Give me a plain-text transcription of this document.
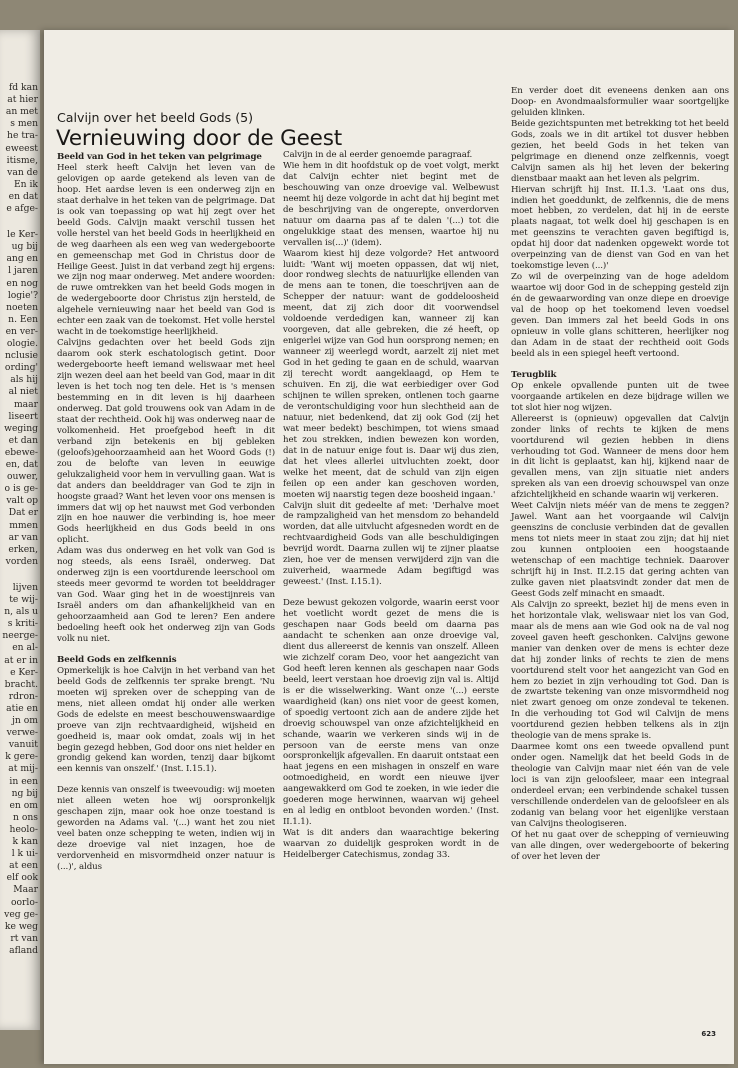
fd kan
at hier
an met
s men
he tra-
eweest
itisme,
van de
En ik
en dat
e afge-
le Ker-
ug bij
ang en
l jaren
en nog
logie'?
noeten
n. Een
en ver-
ologie.
nclusie
ording'
als hij
al niet
maar
liseert
weging
et dan
ebewe-
en, dat
ouwer,
o is ge-
valt op
Dat er
mmen
ar van
erken,
vorden
lijven
te wij-
n, als u
s kriti-
neerge-
en al-
at er in
e Ker-
bracht.
rdron-
atie en
jn om
verwe-
vanuit
k gere-
at mij-
in een
ng bij
en om
n ons
heolo-
k kan
l k ui-
at een
elf ook
Maar
oorlo-
veg ge-
ke weg
rt van
afland
Calvijn over het beeld Gods (5)
Vernieuwing door de Geest

Beeld van God in het teken van pelgrimage

Heel sterk heeft Calvijn het leven van de gelovigen op aarde getekend als leven van de hoop. Het aardse leven is een onderweg zijn en staat derhalve in het teken van de pelgrimage. Dat is ook van toepassing op wat hij zegt over het beeld Gods. Calvijn maakt verschil tussen het volle herstel van het beeld Gods in heerlijkheid en de weg daarheen als een weg van wedergeboorte en gemeenschap met God in Christus door de Heilige Geest. Juist in dat verband zegt hij ergens: we zijn nog maar onderweg. Met andere woorden: de ruwe omtrekken van het beeld Gods mogen in de wedergeboorte door Christus zijn hersteld, de algehele vernieuwing naar het beeld van God is echter een zaak van de toekomst. Het volle herstel wacht in de toekomstige heerlijkheid.

Calvijns gedachten over het beeld Gods zijn daarom ook sterk eschatologisch getint. Door wedergeboorte heeft iemand weliswaar met heel zijn wezen deel aan het beeld van God, maar in dit leven is het toch nog ten dele. Het is 's mensen bestemming en in dit leven is hij daarheen onderweg. Dat gold trouwens ook van Adam in de staat der rechtheid. Ook hij was onderweg naar de volkomenheid. Het proefgebod heeft in dit verband zijn betekenis en bij gebleken (geloofs)gehoorzaamheid aan het Woord Gods (!) zou de belofte van leven in eeuwige gelukzaligheid voor hem in vervulling gaan. Wat is dat anders dan beelddrager van God te zijn in hoogste graad? Want het leven voor ons mensen is immers dat wij op het nauwst met God verbonden zijn en hoe nauwer die verbinding is, hoe meer Gods heerlijkheid en dus Gods beeld in ons oplicht.

Adam was dus onderweg en het volk van God is nog steeds, als eens Israël, onderweg. Dat onderweg zijn is een voortdurende leerschool om steeds meer gevormd te worden tot beelddrager van God. Waar ging het in de woestijnreis van Israël anders om dan afhankelijkheid van en gehoorzaamheid aan God te leren? Een andere bedoeling heeft ook het onderweg zijn van Gods volk nu niet.

Beeld Gods en zelfkennis

Opmerkelijk is hoe Calvijn in het verband van het beeld Gods de zelfkennis ter sprake brengt. 'Nu moeten wij spreken over de schepping van de mens, niet alleen omdat hij onder alle werken Gods de edelste en meest beschouwenswaardige proeve van zijn rechtvaardigheid, wijsheid en goedheid is, maar ook omdat, zoals wij in het begin gezegd hebben, God door ons niet helder en grondig gekend kan worden, tenzij daar bijkomt een kennis van onszelf.' (Inst. I.15.1).

Deze kennis van onszelf is tweevoudig: wij moeten niet alleen weten hoe wij oorspronkelijk geschapen zijn, maar ook hoe onze toestand is geworden na Adams val. '(...) want het zou niet veel baten onze schepping te weten, indien wij in deze droevige val niet inzagen, hoe de verdorvenheid en misvormdheid onzer natuur is (...)', aldus

Calvijn in de al eerder genoemde paragraaf.

Wie hem in dit hoofdstuk op de voet volgt, merkt dat Calvijn echter niet begint met de beschouwing van onze droevige val. Welbewust neemt hij deze volgorde in acht dat hij begint met de beschrijving van de ongerepte, onverdorven natuur om daarna pas af te dalen '(...) tot die ongelukkige staat des mensen, waartoe hij nu vervallen is(...)' (idem).

Waarom kiest hij deze volgorde? Het antwoord luidt: 'Want wij moeten oppassen, dat wij niet, door rondweg slechts de natuurlijke ellenden van de mens aan te tonen, die toeschrijven aan de Schepper der natuur: want de goddeloosheid meent, dat zij zich door dit voorwendsel voldoende verdedigen kan, wanneer zij kan voorgeven, dat alle gebreken, die zé heeft, op enigerlei wijze van God hun oorsprong nemen; en wanneer zij weerlegd wordt, aarzelt zij niet met God in het geding te gaan en de schuld, waarvan zij terecht wordt aangeklaagd, op Hem te schuiven. En zij, die wat eerbiediger over God schijnen te willen spreken, ontlenen toch gaarne de verontschuldiging voor hun slechtheid aan de natuur, niet bedenkend, dat zij ook God (zij het wat meer bedekt) beschimpen, tot wiens smaad het zou strekken, indien bewezen kon worden, dat in de natuur enige fout is. Daar wij dus zien, dat het vlees allerlei uitvluchten zoekt, door welke het meent, dat de schuld van zijn eigen feilen op een ander kan geschoven worden, moeten wij naarstig tegen deze boosheid ingaan.'

Calvijn sluit dit gedeelte af met: 'Derhalve moet de rampzaligheid van het mensdom zo behandeld worden, dat alle uitvlucht afgesneden wordt en de rechtvaardigheid Gods van alle beschuldigingen bevrijd wordt. Daarna zullen wij te zijner plaatse zien, hoe ver de mensen verwijderd zijn van die zuiverheid, waarmede Adam begiftigd was geweest.' (Inst. I.15.1).

Deze bewust gekozen volgorde, waarin eerst voor het voetlicht wordt gezet de mens die is geschapen naar Gods beeld om daarna pas aandacht te schenken aan onze droevige val, dient dus allereerst de kennis van onszelf. Alleen wie zichzelf coram Deo, voor het aangezicht van God heeft leren kennen als geschapen naar Gods beeld, leert verstaan hoe droevig zijn val is. Altijd is er die wisselwerking. Want onze '(...) eerste waardigheid (kan) ons niet voor de geest komen, of spoedig vertoont zich aan de andere zijde het droevig schouwspel van onze afzichtelijkheid en schande, waarin we verkeren sinds wij in de persoon van de eerste mens van onze oorspronkelijk afgevallen. En daaruit ontstaat een haat jegens en een mishagen in onszelf en ware ootmoedigheid, en wordt een nieuwe ijver aangewakkerd om God te zoeken, in wie ieder die goederen moge herwinnen, waarvan wij geheel en al ledig en ontbloot bevonden worden.' (Inst. II.1.1).

Wat is dit anders dan waarachtige bekering waarvan zo duidelijk gesproken wordt in de Heidelberger Catechismus, zondag 33.

En verder doet dit eveneens denken aan ons Doop- en Avondmaalsformulier waar soortgelijke geluiden klinken.

Beide gezichtspunten met betrekking tot het beeld Gods, zoals we in dit artikel tot dusver hebben gezien, het beeld Gods in het teken van pelgrimage en dienend onze zelfkennis, voegt Calvijn samen als hij het leven der bekering dienstbaar maakt aan het leven als pelgrim.

Hiervan schrijft hij Inst. II.1.3. 'Laat ons dus, indien het goeddunkt, de zelfkennis, die de mens moet hebben, zo verdelen, dat hij in de eerste plaats nagaat, tot welk doel hij geschapen is en met geenszins te verachten gaven begiftigd is, opdat hij door dat nadenken opgewekt worde tot overpeinzing van de dienst van God en van het toekomstige leven (...)'

Zo wil de overpeinzing van de hoge adeldom waartoe wij door God in de schepping gesteld zijn én de gewaarwording van onze diepe en droevige val de hoop op het toekomend leven voedsel geven. Dan immers zal het beeld Gods in ons opnieuw in volle glans schitteren, heerlijker nog dan Adam in de staat der rechtheid ooit Gods beeld als in een spiegel heeft vertoond.

Terugblik

Op enkele opvallende punten uit de twee voorgaande artikelen en deze bijdrage willen we tot slot hier nog wijzen.

Allereerst is (opnieuw) opgevallen dat Calvijn zonder links of rechts te kijken de mens voortdurend wil gezien hebben in diens verhouding tot God. Wanneer de mens door hem in dit licht is geplaatst, kan hij, kijkend naar de gevallen mens, van zijn situatie niet anders spreken als van een droevig schouwspel van onze afzichtelijkheid en schande waarin wij verkeren.

Weet Calvijn niets méér van de mens te zeggen? Jawel. Want aan het voorgaande wil Calvijn geenszins de conclusie verbinden dat de gevallen mens tot niets meer in staat zou zijn; dat hij niet zou kunnen ontplooien een hoogstaande wetenschap of een machtige techniek. Daarover schrijft hij in Inst. II.2.15 dat gering achten van zulke gaven niet plaatsvindt zonder dat men de Geest Gods zelf minacht en smaadt.

Als Calvijn zo spreekt, beziet hij de mens even in het horizontale vlak, weliswaar niet los van God, maar als de mens aan wie God ook na de val nog zoveel gaven heeft geschonken. Calvijns gewone manier van denken over de mens is echter deze dat hij zonder links of rechts te zien de mens voortdurend stelt voor het aangezicht van God en hem zo beziet in zijn verhouding tot God. Dan is de zwartste tekening van onze misvormdheid nog niet zwart genoeg om onze zondeval te tekenen. In die verhouding tot God wil Calvijn de mens voortdurend gezien hebben telkens als in zijn theologie van de mens sprake is.

Daarmee komt ons een tweede opvallend punt onder ogen. Namelijk dat het beeld Gods in de theologie van Calvijn maar niet één van de vele loci is van zijn geloofsleer, maar een integraal onderdeel ervan; een verbindende schakel tussen verschillende onderdelen van de geloofsleer en als zodanig van belang voor het eigenlijke verstaan van Calvijns theologiseren.

Of het nu gaat over de schepping of vernieuwing van alle dingen, over wedergeboorte of bekering of over het leven der

623
